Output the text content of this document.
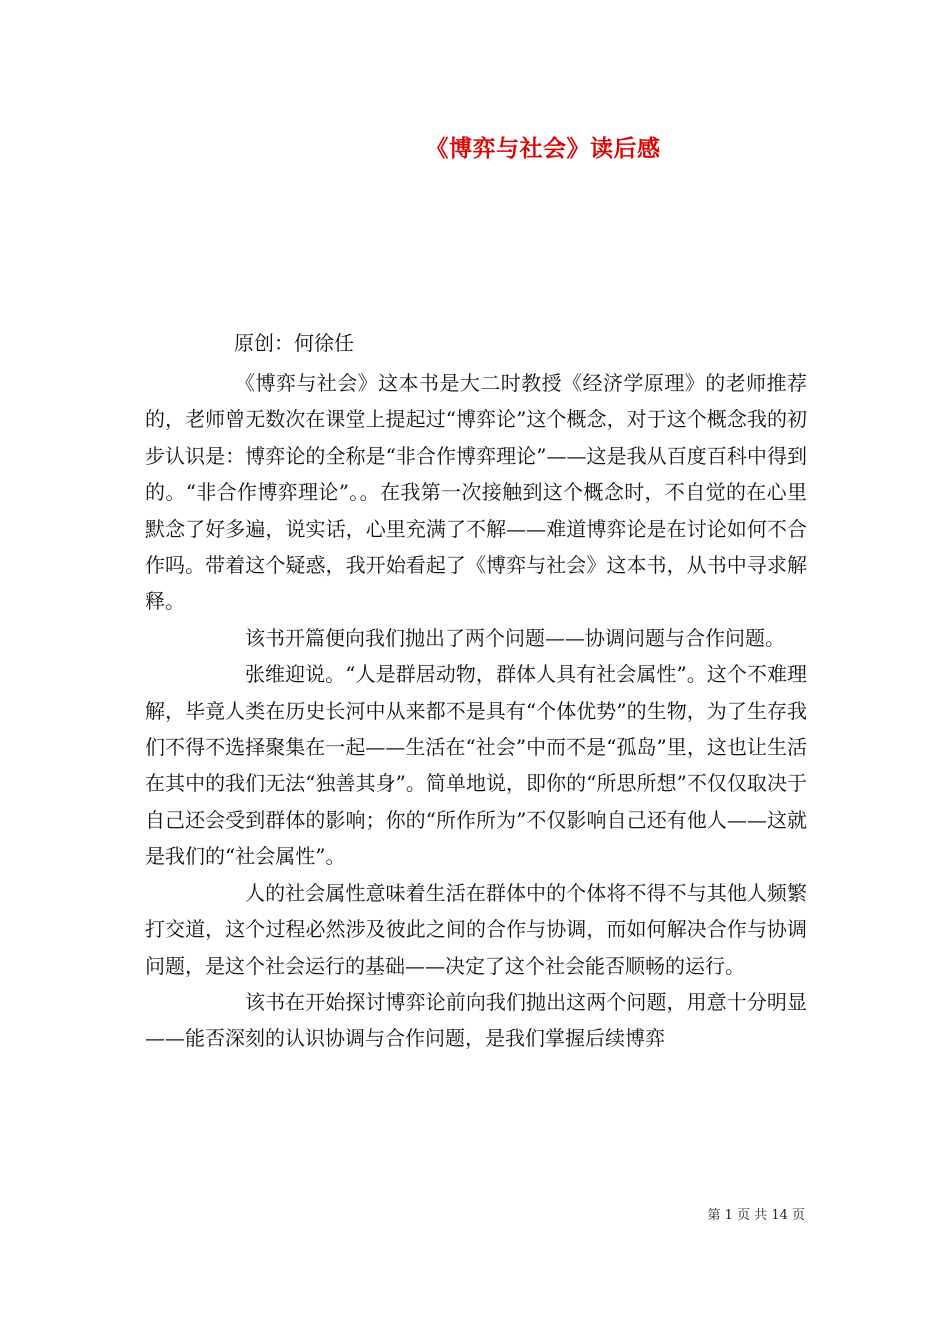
《博弈与社会》读后感
原创：何徐任

《博弈与社会》这本书是大二时教授《经济学原理》的老师推荐的，老师曾无数次在课堂上提起过“博弈论”这个概念，对于这个概念我的初步认识是：博弈论的全称是“非合作博弈理论”——这是我从百度百科中得到的。“非合作博弈理论”。。在我第一次接触到这个概念时，不自觉的在心里默念了好多遍，说实话，心里充满了不解——难道博弈论是在讨论如何不合作吗。带着这个疑惑，我开始看起了《博弈与社会》这本书，从书中寻求解释。

该书开篇便向我们抛出了两个问题——协调问题与合作问题。

张维迎说。“人是群居动物，群体人具有社会属性”。这个不难理解，毕竟人类在历史长河中从来都不是具有“个体优势”的生物，为了生存我们不得不选择聚集在一起——生活在“社会”中而不是“孤岛”里，这也让生活在其中的我们无法“独善其身”。简单地说，即你的“所思所想”不仅仅取决于自己还会受到群体的影响；你的“所作所为”不仅影响自己还有他人——这就是我们的“社会属性”。

人的社会属性意味着生活在群体中的个体将不得不与其他人频繁打交道，这个过程必然涉及彼此之间的合作与协调，而如何解决合作与协调问题，是这个社会运行的基础——决定了这个社会能否顺畅的运行。

该书在开始探讨博弈论前向我们抛出这两个问题，用意十分明显——能否深刻的认识协调与合作问题，是我们掌握后续博弈

第 1 页 共 14 页
